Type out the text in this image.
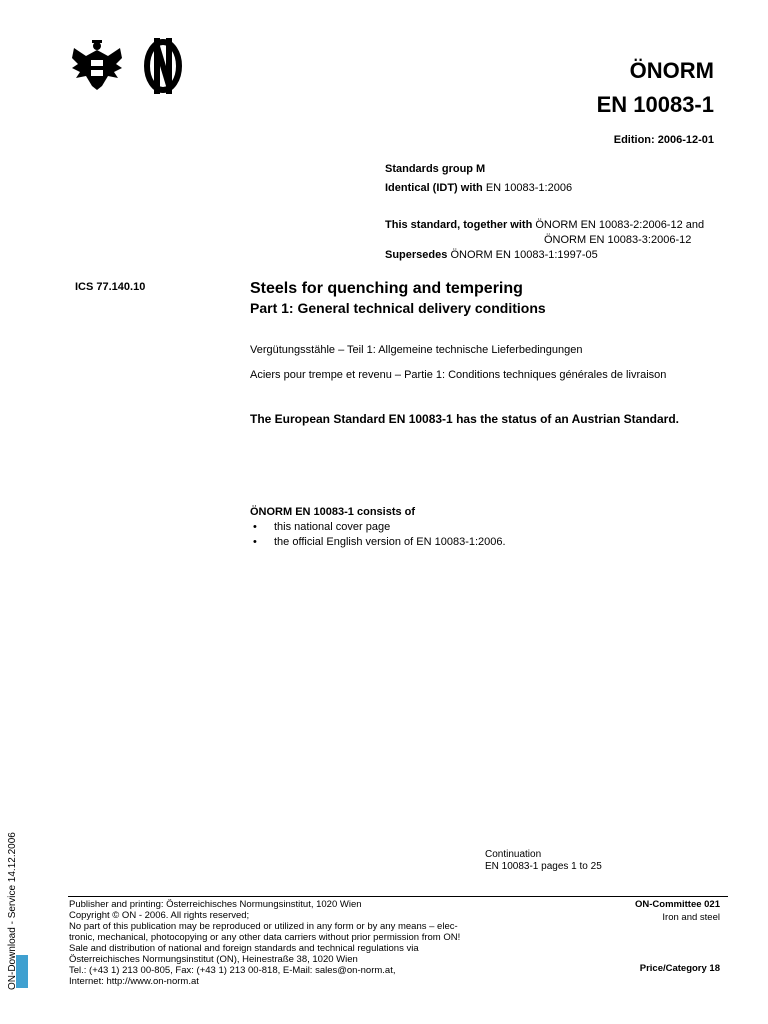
ÖNORM
EN 10083-1
Edition: 2006-12-01
Standards group M
Identical (IDT) with EN 10083-1:2006
This standard, together with ÖNORM EN 10083-2:2006-12 and
ÖNORM EN 10083-3:2006-12
Supersedes ÖNORM EN 10083-1:1997-05
ICS 77.140.10	Steels for quenching and tempering
Part 1: General technical delivery conditions
Vergütungsstähle – Teil 1: Allgemeine technische Lieferbedingungen
Aciers pour trempe et revenu – Partie 1: Conditions techniques générales de livraison
The European Standard EN 10083-1 has the status of an Austrian Standard.
ÖNORM EN 10083-1 consists of
• this national cover page
• the official English version of EN 10083-1:2006.
Continuation
EN 10083-1 pages 1 to 25
Publisher and printing: Österreichisches Normungsinstitut, 1020 Wien
Copyright © ON - 2006. All rights reserved;
No part of this publication may be reproduced or utilized in any form or by any means – elec-
tronic, mechanical, photocopying or any other data carriers without prior permission from ON!
Sale and distribution of national and foreign standards and technical regulations via
Österreichisches Normungsinstitut (ON), Heinestraße 38, 1020 Wien
Tel.: (+43 1) 213 00-805, Fax: (+43 1) 213 00-818, E-Mail: sales@on-norm.at,
Internet: http://www.on-norm.at
ON-Committee 021
Iron and steel
Price/Category 18
ON-Download - Service 14.12.2006
